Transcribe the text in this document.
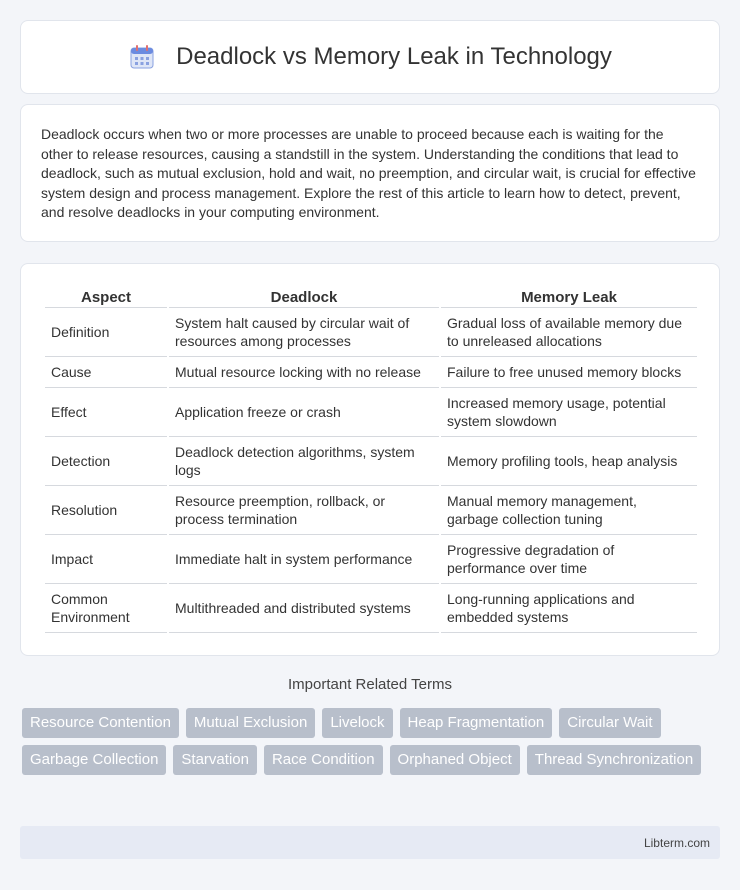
Deadlock vs Memory Leak in Technology

Deadlock occurs when two or more processes are unable to proceed because each is waiting for the other to release resources, causing a standstill in the system. Understanding the conditions that lead to deadlock, such as mutual exclusion, hold and wait, no preemption, and circular wait, is crucial for effective system design and process management. Explore the rest of this article to learn how to detect, prevent, and resolve deadlocks in your computing environment.

Aspect	Deadlock	Memory Leak
Definition	System halt caused by circular wait of resources among processes	Gradual loss of available memory due to unreleased allocations
Cause	Mutual resource locking with no release	Failure to free unused memory blocks
Effect	Application freeze or crash	Increased memory usage, potential system slowdown
Detection	Deadlock detection algorithms, system logs	Memory profiling tools, heap analysis
Resolution	Resource preemption, rollback, or process termination	Manual memory management, garbage collection tuning
Impact	Immediate halt in system performance	Progressive degradation of performance over time
Common Environment	Multithreaded and distributed systems	Long-running applications and embedded systems
Important Related Terms
Resource Contention	Mutual Exclusion	Livelock	Heap Fragmentation	Circular Wait
Garbage Collection	Starvation	Race Condition	Orphaned Object	Thread Synchronization
Libterm.com
